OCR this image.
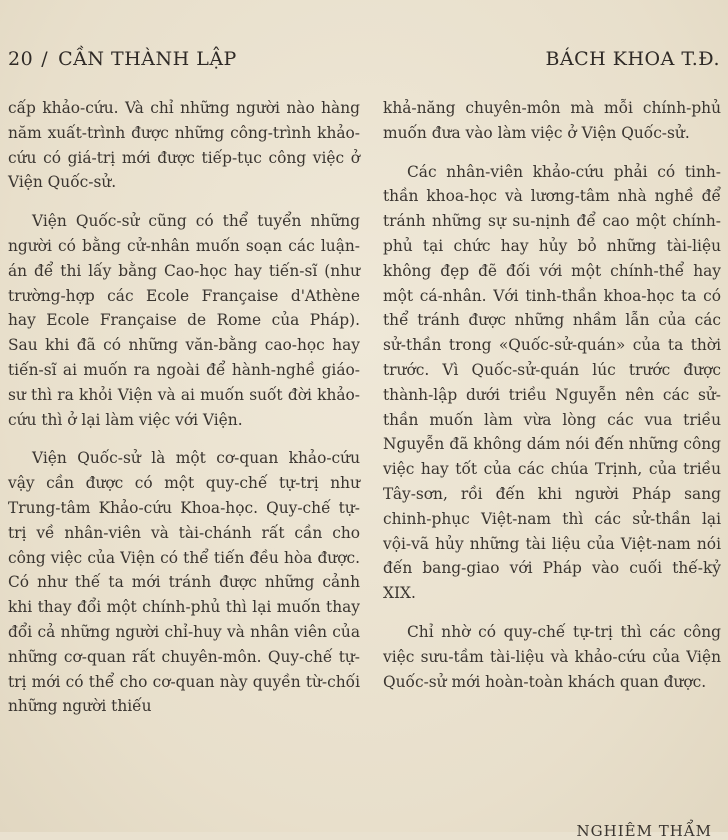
20 / CẦN THÀNH LẬP	BÁCH KHOA T.Đ.

cấp khảo-cứu. Và chỉ những người nào hàng năm xuất-trình được những công-trình khảo-cứu có giá-trị mới được tiếp-tục công việc ở Viện Quốc-sử.

Viện Quốc-sử cũng có thể tuyển những người có bằng cử-nhân muốn soạn các luận-án để thi lấy bằng Cao-học hay tiến-sĩ (như trường-hợp các Ecole Française d'Athène hay Ecole Française de Rome của Pháp). Sau khi đã có những văn-bằng cao-học hay tiến-sĩ ai muốn ra ngoài để hành-nghề giáo-sư thì ra khỏi Viện và ai muốn suốt đời khảo-cứu thì ở lại làm việc với Viện.

Viện Quốc-sử là một cơ-quan khảo-cứu vậy cần được có một quy-chế tự-trị như Trung-tâm Khảo-cứu Khoa-học. Quy-chế tự-trị về nhân-viên và tài-chánh rất cần cho công việc của Viện có thể tiến đều hòa được. Có như thế ta mới tránh được những cảnh khi thay đổi một chính-phủ thì lại muốn thay đổi cả những người chỉ-huy và nhân viên của những cơ-quan rất chuyên-môn. Quy-chế tự-trị mới có thể cho cơ-quan này quyền từ-chối những người thiếu

khả-năng chuyên-môn mà mỗi chính-phủ muốn đưa vào làm việc ở Viện Quốc-sử.

Các nhân-viên khảo-cứu phải có tinh-thần khoa-học và lương-tâm nhà nghề để tránh những sự su-nịnh để cao một chính-phủ tại chức hay hủy bỏ những tài-liệu không đẹp đẽ đối với một chính-thể hay một cá-nhân. Với tinh-thần khoa-học ta có thể tránh được những nhầm lẫn của các sử-thần trong «Quốc-sử-quán» của ta thời trước. Vì Quốc-sử-quán lúc trước được thành-lập dưới triều Nguyễn nên các sử-thần muốn làm vừa lòng các vua triều Nguyễn đã không dám nói đến những công việc hay tốt của các chúa Trịnh, của triều Tây-sơn, rồi đến khi người Pháp sang chinh-phục Việt-nam thì các sử-thần lại vội-vã hủy những tài liệu của Việt-nam nói đến bang-giao với Pháp vào cuối thế-kỷ XIX.

Chỉ nhờ có quy-chế tự-trị thì các công việc sưu-tầm tài-liệu và khảo-cứu của Viện Quốc-sử mới hoàn-toàn khách quan được.

NGHIÊM THẨM
